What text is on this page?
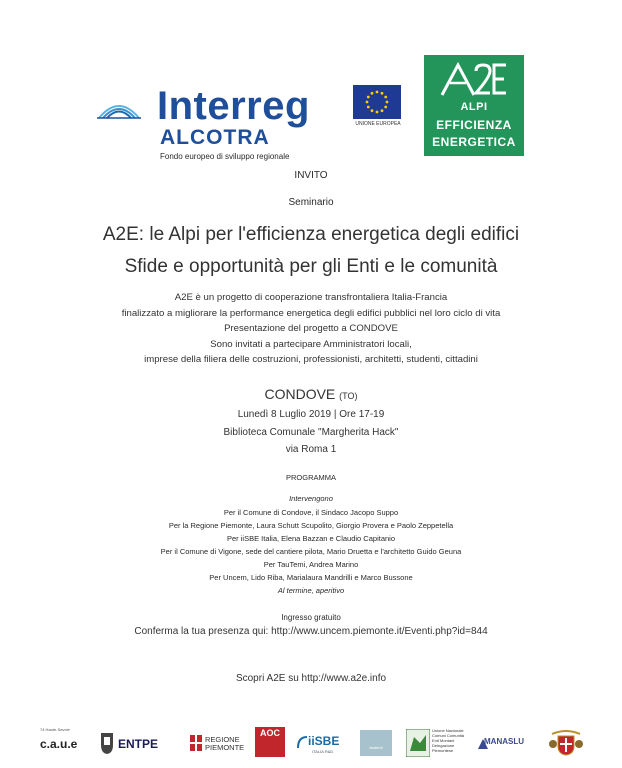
Interreg
ALCOTRA
Fondo europeo di sviluppo regionale
UNIONE EUROPEA
ALPI
EFFICIENZA
ENERGETICA
INVITO
Seminario
A2E: le Alpi per l'efficienza energetica degli edifici
Sfide e opportunità per gli Enti e le comunità
A2E è un progetto di cooperazione transfrontaliera Italia-Francia
finalizzato a migliorare la performance energetica degli edifici pubblici nel loro ciclo di vita
Presentazione del progetto a CONDOVE
Sono invitati a partecipare Amministratori locali,
imprese della filiera delle costruzioni, professionisti, architetti, studenti, cittadini
CONDOVE (TO)
Lunedì 8 Luglio 2019 | Ore 17-19
Biblioteca Comunale "Margherita Hack"
via Roma 1
PROGRAMMA
Intervengono
Per il Comune di Condove, il Sindaco Jacopo Suppo
Per la Regione Piemonte, Laura Schutt Scupolito, Giorgio Provera e Paolo Zeppetella
Per iiSBE Italia, Elena Bazzan e Claudio Capitanio
Per il Comune di Vigone, sede del cantiere pilota, Mario Druetta e l'architetto Guido Geuna
Per TauTemi, Andrea Marino
Per Uncem, Lido Riba, Marialaura Mandrilli e Marco Bussone
Al termine, aperitivo
Ingresso gratuito
Conferma la tua presenza qui: http://www.uncem.piemonte.it/Eventi.php?id=844
Scopri A2E su http://www.a2e.info
74 Haute-Savoie
c.a.u.e	ENTPE	REGIONE
PIEMONTE
AOC
iiSBE
ITALIA R&D
tautemi
Unione Nazionale Comuni Comunità Enti Montani Delegazione Piemontese
MANASLU
